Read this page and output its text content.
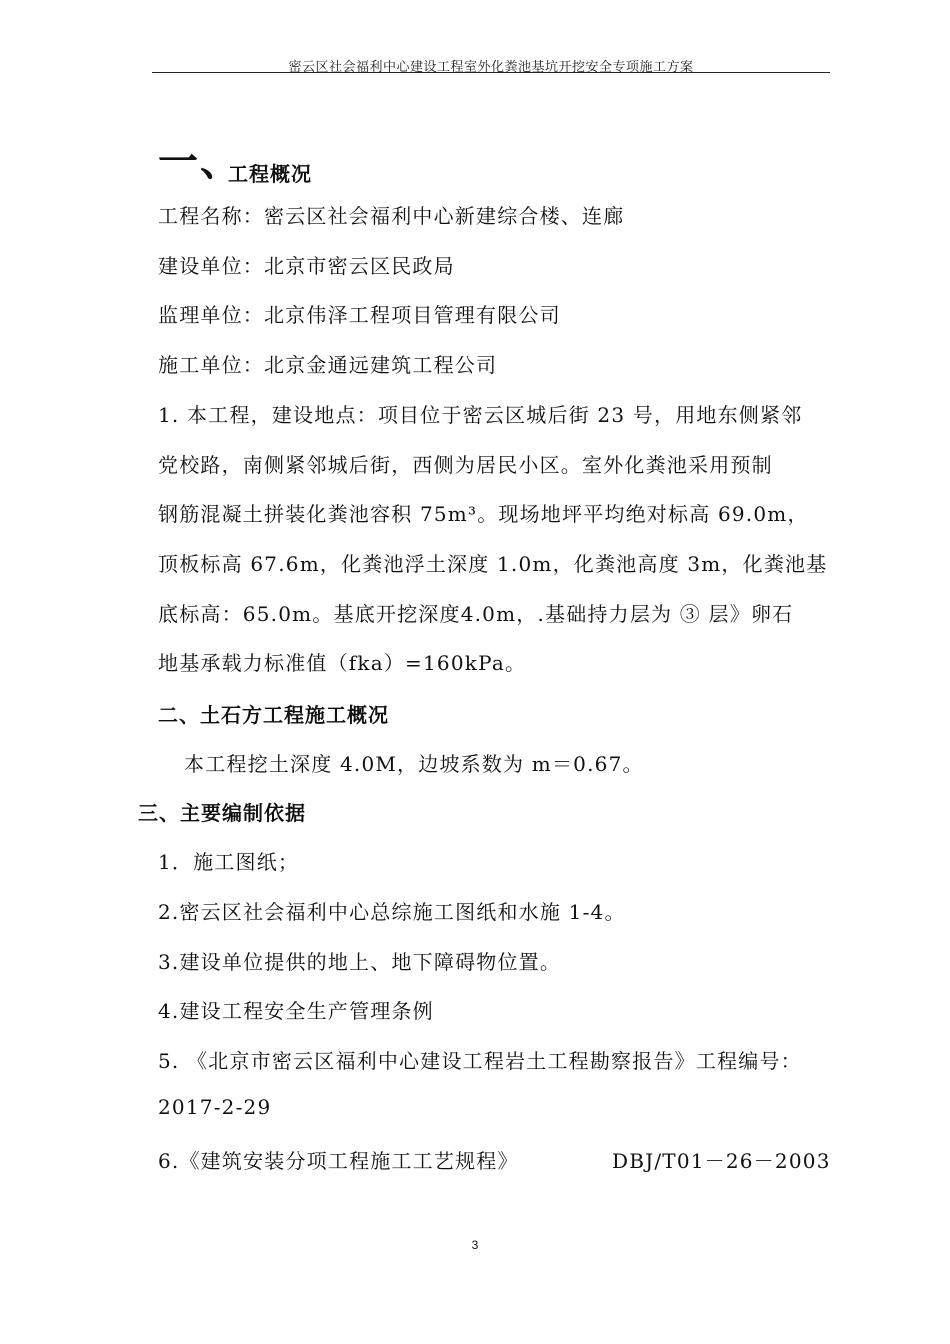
密云区社会福利中心建设工程室外化粪池基坑开挖安全专项施工方案
一、
工程概况
工程名称：密云区社会福利中心新建综合楼、连廊
建设单位：北京市密云区民政局
监理单位：北京伟泽工程项目管理有限公司
施工单位：北京金通远建筑工程公司
1. 本工程，建设地点：项目位于密云区城后街 23 号，用地东侧紧邻
党校路，南侧紧邻城后街，西侧为居民小区。室外化粪池采用预制
钢筋混凝土拼装化粪池容积 75m³。现场地坪平均绝对标高 69.0m，
顶板标高 67.6m，化粪池浮土深度 1.0m，化粪池高度 3m，化粪池基
底标高：65.0m。基底开挖深度4.0m，.基础持力层为 ③ 层》卵石
地基承载力标准值（fka）=160kPa。
二、土石方工程施工概况
本工程挖土深度 4.0M，边坡系数为 m＝0.67。
三、主要编制依据
1．施工图纸；
2.密云区社会福利中心总综施工图纸和水施 1-4。
3.建设单位提供的地上、地下障碍物位置。
4.建设工程安全生产管理条例
5. 《北京市密云区福利中心建设工程岩土工程勘察报告》工程编号：
2017-2-29
6.《建筑安装分项工程施工工艺规程》	DBJ/T01－26－2003
3
